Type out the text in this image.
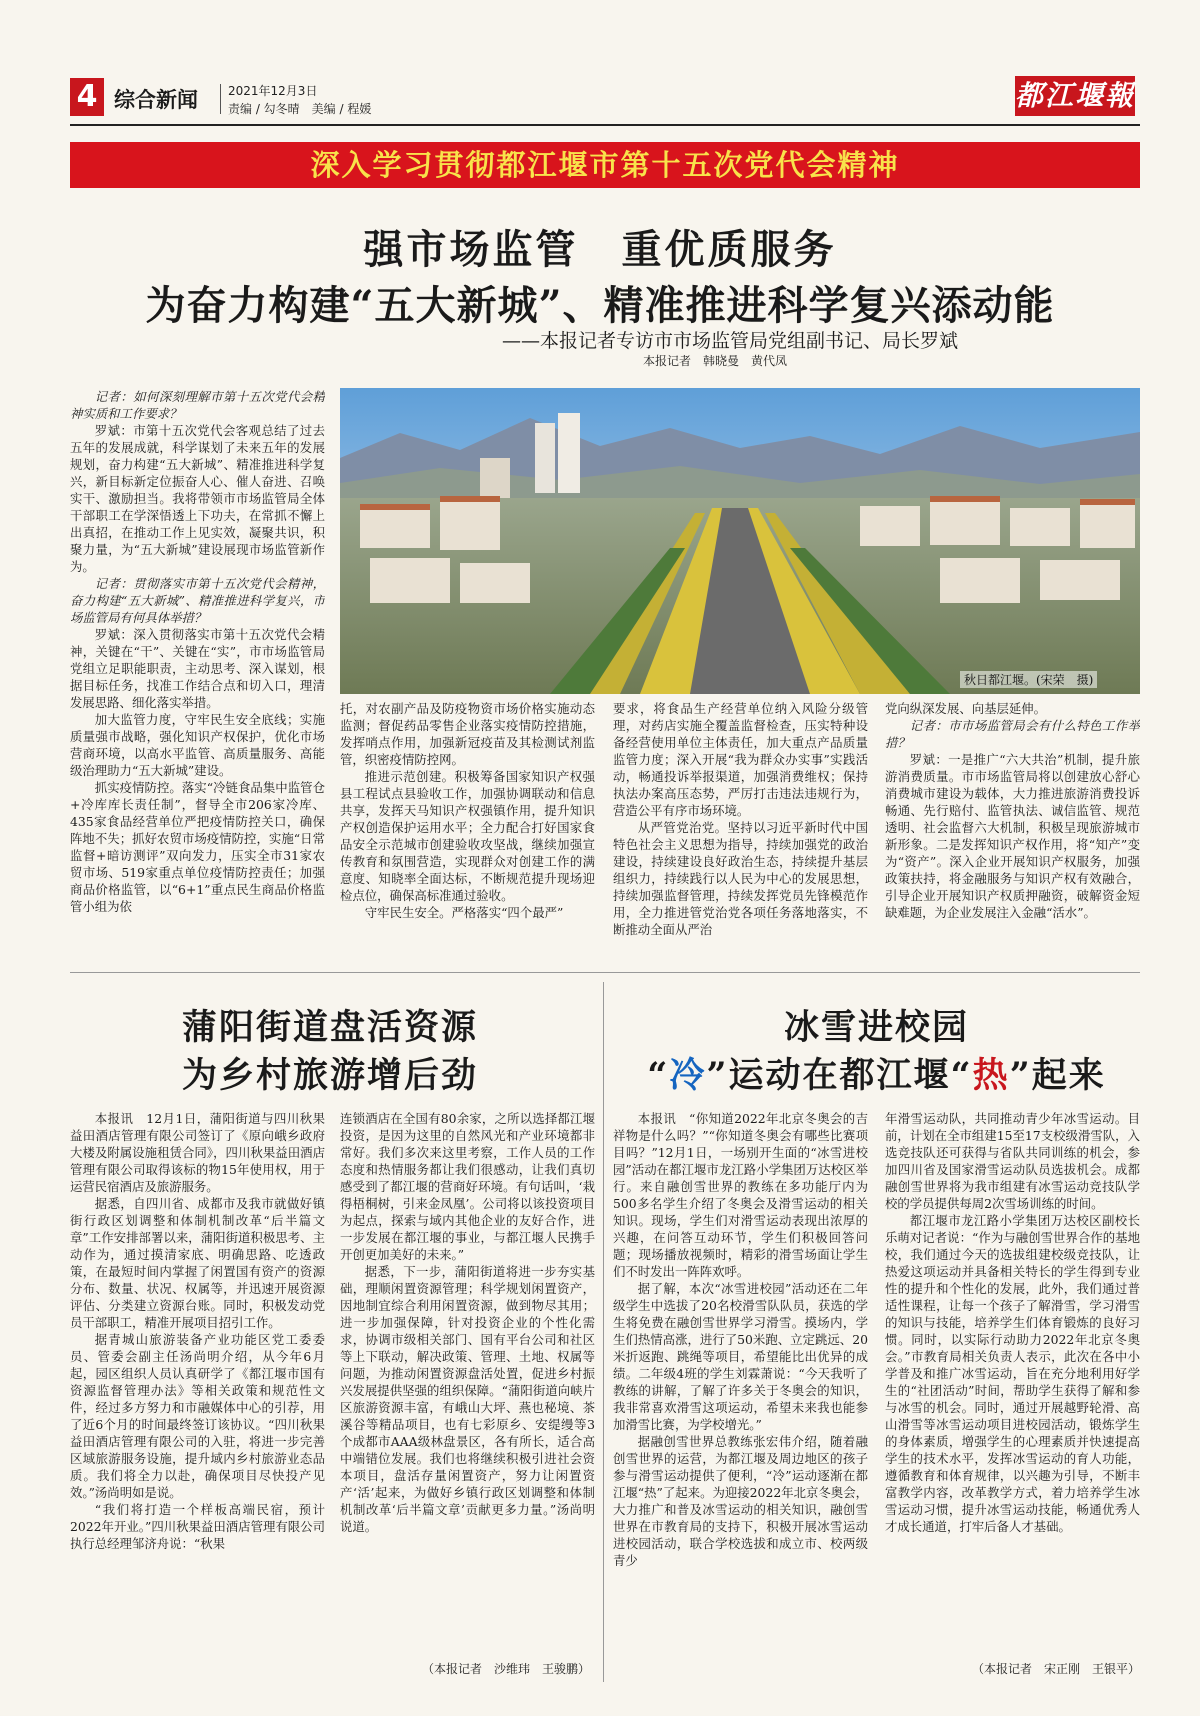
4 综合新闻	2021年12月3日
责编 / 勾冬晴　美编 / 程媛	都江堰報
深入学习贯彻都江堰市第十五次党代会精神
强市场监管　重优质服务
为奋力构建“五大新城”、精准推进科学复兴添动能
——本报记者专访市市场监管局党组副书记、局长罗斌
本报记者　韩晓曼　黄代凤
秋日都江堰。(宋荣　摄)

记者：如何深刻理解市第十五次党代会精神实质和工作要求？

罗斌：市第十五次党代会客观总结了过去五年的发展成就，科学谋划了未来五年的发展规划，奋力构建“五大新城”、精准推进科学复兴，新目标新定位振奋人心、催人奋进、召唤实干、激励担当。我将带领市市场监管局全体干部职工在学深悟透上下功夫，在常抓不懈上出真招，在推动工作上见实效，凝聚共识，积聚力量，为“五大新城”建设展现市场监管新作为。

记者：贯彻落实市第十五次党代会精神，奋力构建“五大新城”、精准推进科学复兴，市场监管局有何具体举措？

罗斌：深入贯彻落实市第十五次党代会精神，关键在“干”、关键在“实”，市市场监管局党组立足职能职责，主动思考、深入谋划，根据目标任务，找准工作结合点和切入口，理清发展思路、细化落实举措。

加大监管力度，守牢民生安全底线；实施质量强市战略，强化知识产权保护，优化市场营商环境，以高水平监管、高质量服务、高能级治理助力“五大新城”建设。

抓实疫情防控。落实“冷链食品集中监管仓+冷库库长责任制”，督导全市206家冷库、435家食品经营单位严把疫情防控关口，确保阵地不失；抓好农贸市场疫情防控，实施“日常监督+暗访测评”双向发力，压实全市31家农贸市场、519家重点单位疫情防控责任；加强商品价格监管，以“6+1”重点民生商品价格监管小组为依

托，对农副产品及防疫物资市场价格实施动态监测；督促药品零售企业落实疫情防控措施，发挥哨点作用，加强新冠疫苗及其检测试剂监管，织密疫情防控网。

推进示范创建。积极筹备国家知识产权强县工程试点县验收工作，加强协调联动和信息共享，发挥天马知识产权强镇作用，提升知识产权创造保护运用水平；全力配合打好国家食品安全示范城市创建验收攻坚战，继续加强宣传教育和氛围营造，实现群众对创建工作的满意度、知晓率全面达标，不断规范提升现场迎检点位，确保高标准通过验收。

守牢民生安全。严格落实“四个最严”

要求，将食品生产经营单位纳入风险分级管理，对药店实施全覆盖监督检查，压实特种设备经营使用单位主体责任，加大重点产品质量监管力度；深入开展“我为群众办实事”实践活动，畅通投诉举报渠道，加强消费维权；保持执法办案高压态势，严厉打击违法违规行为，营造公平有序市场环境。

从严管党治党。坚持以习近平新时代中国特色社会主义思想为指导，持续加强党的政治建设，持续建设良好政治生态，持续提升基层组织力，持续践行以人民为中心的发展思想，持续加强监督管理，持续发挥党员先锋模范作用，全力推进管党治党各项任务落地落实，不断推动全面从严治

党向纵深发展、向基层延伸。

记者：市市场监管局会有什么特色工作举措？

罗斌：一是推广“六大共治”机制，提升旅游消费质量。市市场监管局将以创建放心舒心消费城市建设为载体，大力推进旅游消费投诉畅通、先行赔付、监管执法、诚信监管、规范透明、社会监督六大机制，积极呈现旅游城市新形象。二是发挥知识产权作用，将“知产”变为“资产”。深入企业开展知识产权服务，加强政策扶持，将金融服务与知识产权有效融合，引导企业开展知识产权质押融资，破解资金短缺难题，为企业发展注入金融“活水”。

蒲阳街道盘活资源
为乡村旅游增后劲

本报讯　12月1日，蒲阳街道与四川秋果益田酒店管理有限公司签订了《原向峨乡政府大楼及附属设施租赁合同》，四川秋果益田酒店管理有限公司取得该标的物15年使用权，用于运营民宿酒店及旅游服务。

据悉，自四川省、成都市及我市就做好镇街行政区划调整和体制机制改革“后半篇文章”工作安排部署以来，蒲阳街道积极思考、主动作为，通过摸清家底、明确思路、吃透政策，在最短时间内掌握了闲置国有资产的资源分布、数量、状况、权属等，并迅速开展资源评估、分类建立资源台账。同时，积极发动党员干部职工，精准开展项目招引工作。

据青城山旅游装备产业功能区党工委委员、管委会副主任汤尚明介绍，从今年6月起，园区组织人员认真研学了《都江堰市国有资源监督管理办法》等相关政策和规范性文件，经过多方努力和市融媒体中心的引荐，用了近6个月的时间最终签订该协议。“四川秋果益田酒店管理有限公司的入驻，将进一步完善区域旅游服务设施，提升域内乡村旅游业态品质。我们将全力以赴，确保项目尽快投产见效。”汤尚明如是说。

“我们将打造一个样板高端民宿，预计2022年开业。”四川秋果益田酒店管理有限公司执行总经理邹济舟说：“秋果

连锁酒店在全国有80余家，之所以选择都江堰投资，是因为这里的自然风光和产业环境都非常好。我们多次来这里考察，工作人员的工作态度和热情服务都让我们很感动，让我们真切感受到了都江堰的营商好环境。有句话叫，‘栽得梧桐树，引来金凤凰’。公司将以该投资项目为起点，探索与域内其他企业的友好合作，进一步发展在都江堰的事业，与都江堰人民携手开创更加美好的未来。”

据悉，下一步，蒲阳街道将进一步夯实基础，理顺闲置资源管理；科学规划闲置资产，因地制宜综合利用闲置资源，做到物尽其用；进一步加强保障，针对投资企业的个性化需求，协调市级相关部门、国有平台公司和社区等上下联动，解决政策、管理、土地、权属等问题，为推动闲置资源盘活处置，促进乡村振兴发展提供坚强的组织保障。“蒲阳街道向峡片区旅游资源丰富，有峨山大坪、燕也秘境、茶溪谷等精品项目，也有七彩原乡、安缇缦等3个成都市AAA级林盘景区，各有所长，适合高中端错位发展。我们也将继续积极引进社会资本项目，盘活存量闲置资产，努力让闲置资产‘活’起来，为做好乡镇行政区划调整和体制机制改革‘后半篇文章’贡献更多力量。”汤尚明说道。

（本报记者　沙维玮　王骏鹏）
冰雪进校园
“冷”运动在都江堰“热”起来

本报讯　“你知道2022年北京冬奥会的吉祥物是什么吗？”“你知道冬奥会有哪些比赛项目吗？”12月1日，一场别开生面的“冰雪进校园”活动在都江堰市龙江路小学集团万达校区举行。来自融创雪世界的教练在多功能厅内为500多名学生介绍了冬奥会及滑雪运动的相关知识。现场，学生们对滑雪运动表现出浓厚的兴趣，在问答互动环节，学生们积极回答问题；现场播放视频时，精彩的滑雪场面让学生们不时发出一阵阵欢呼。

据了解，本次“冰雪进校园”活动还在二年级学生中选拔了20名校滑雪队队员，获选的学生将免费在融创雪世界学习滑雪。摸场内，学生们热情高涨，进行了50米跑、立定跳远、20米折返跑、跳绳等项目，希望能比出优异的成绩。二年级4班的学生刘霖萧说：“今天我听了教练的讲解，了解了许多关于冬奥会的知识，我非常喜欢滑雪这项运动，希望未来我也能参加滑雪比赛，为学校增光。”

据融创雪世界总教练张宏伟介绍，随着融创雪世界的运营，为都江堰及周边地区的孩子参与滑雪运动提供了便利，“冷”运动逐渐在都江堰“热”了起来。为迎接2022年北京冬奥会，大力推广和普及冰雪运动的相关知识，融创雪世界在市教育局的支持下，积极开展冰雪运动进校园活动，联合学校选拔和成立市、校两级青少

年滑雪运动队，共同推动青少年冰雪运动。目前，计划在全市组建15至17支校级滑雪队，入选竞技队还可获得与省队共同训练的机会，参加四川省及国家滑雪运动队员选拔机会。成都融创雪世界将为我市组建有冰雪运动竞技队学校的学员提供每周2次雪场训练的时间。

都江堰市龙江路小学集团万达校区副校长乐萌对记者说：“作为与融创雪世界合作的基地校，我们通过今天的选拔组建校级竞技队，让热爱这项运动并具备相关特长的学生得到专业性的提升和个性化的发展，此外，我们通过普适性课程，让每一个孩子了解滑雪，学习滑雪的知识与技能，培养学生们体育锻炼的良好习惯。同时，以实际行动助力2022年北京冬奥会。”市教育局相关负责人表示，此次在各中小学普及和推广冰雪运动，旨在充分地利用好学生的“社团活动”时间，帮助学生获得了解和参与冰雪的机会。同时，通过开展越野轮滑、高山滑雪等冰雪运动项目进校园活动，锻炼学生的身体素质，增强学生的心理素质并快速提高学生的技术水平，发挥冰雪运动的育人功能，遵循教育和体育规律，以兴趣为引导，不断丰富教学内容，改革教学方式，着力培养学生冰雪运动习惯，提升冰雪运动技能，畅通优秀人才成长通道，打牢后备人才基础。

（本报记者　宋正刚　王银平）
